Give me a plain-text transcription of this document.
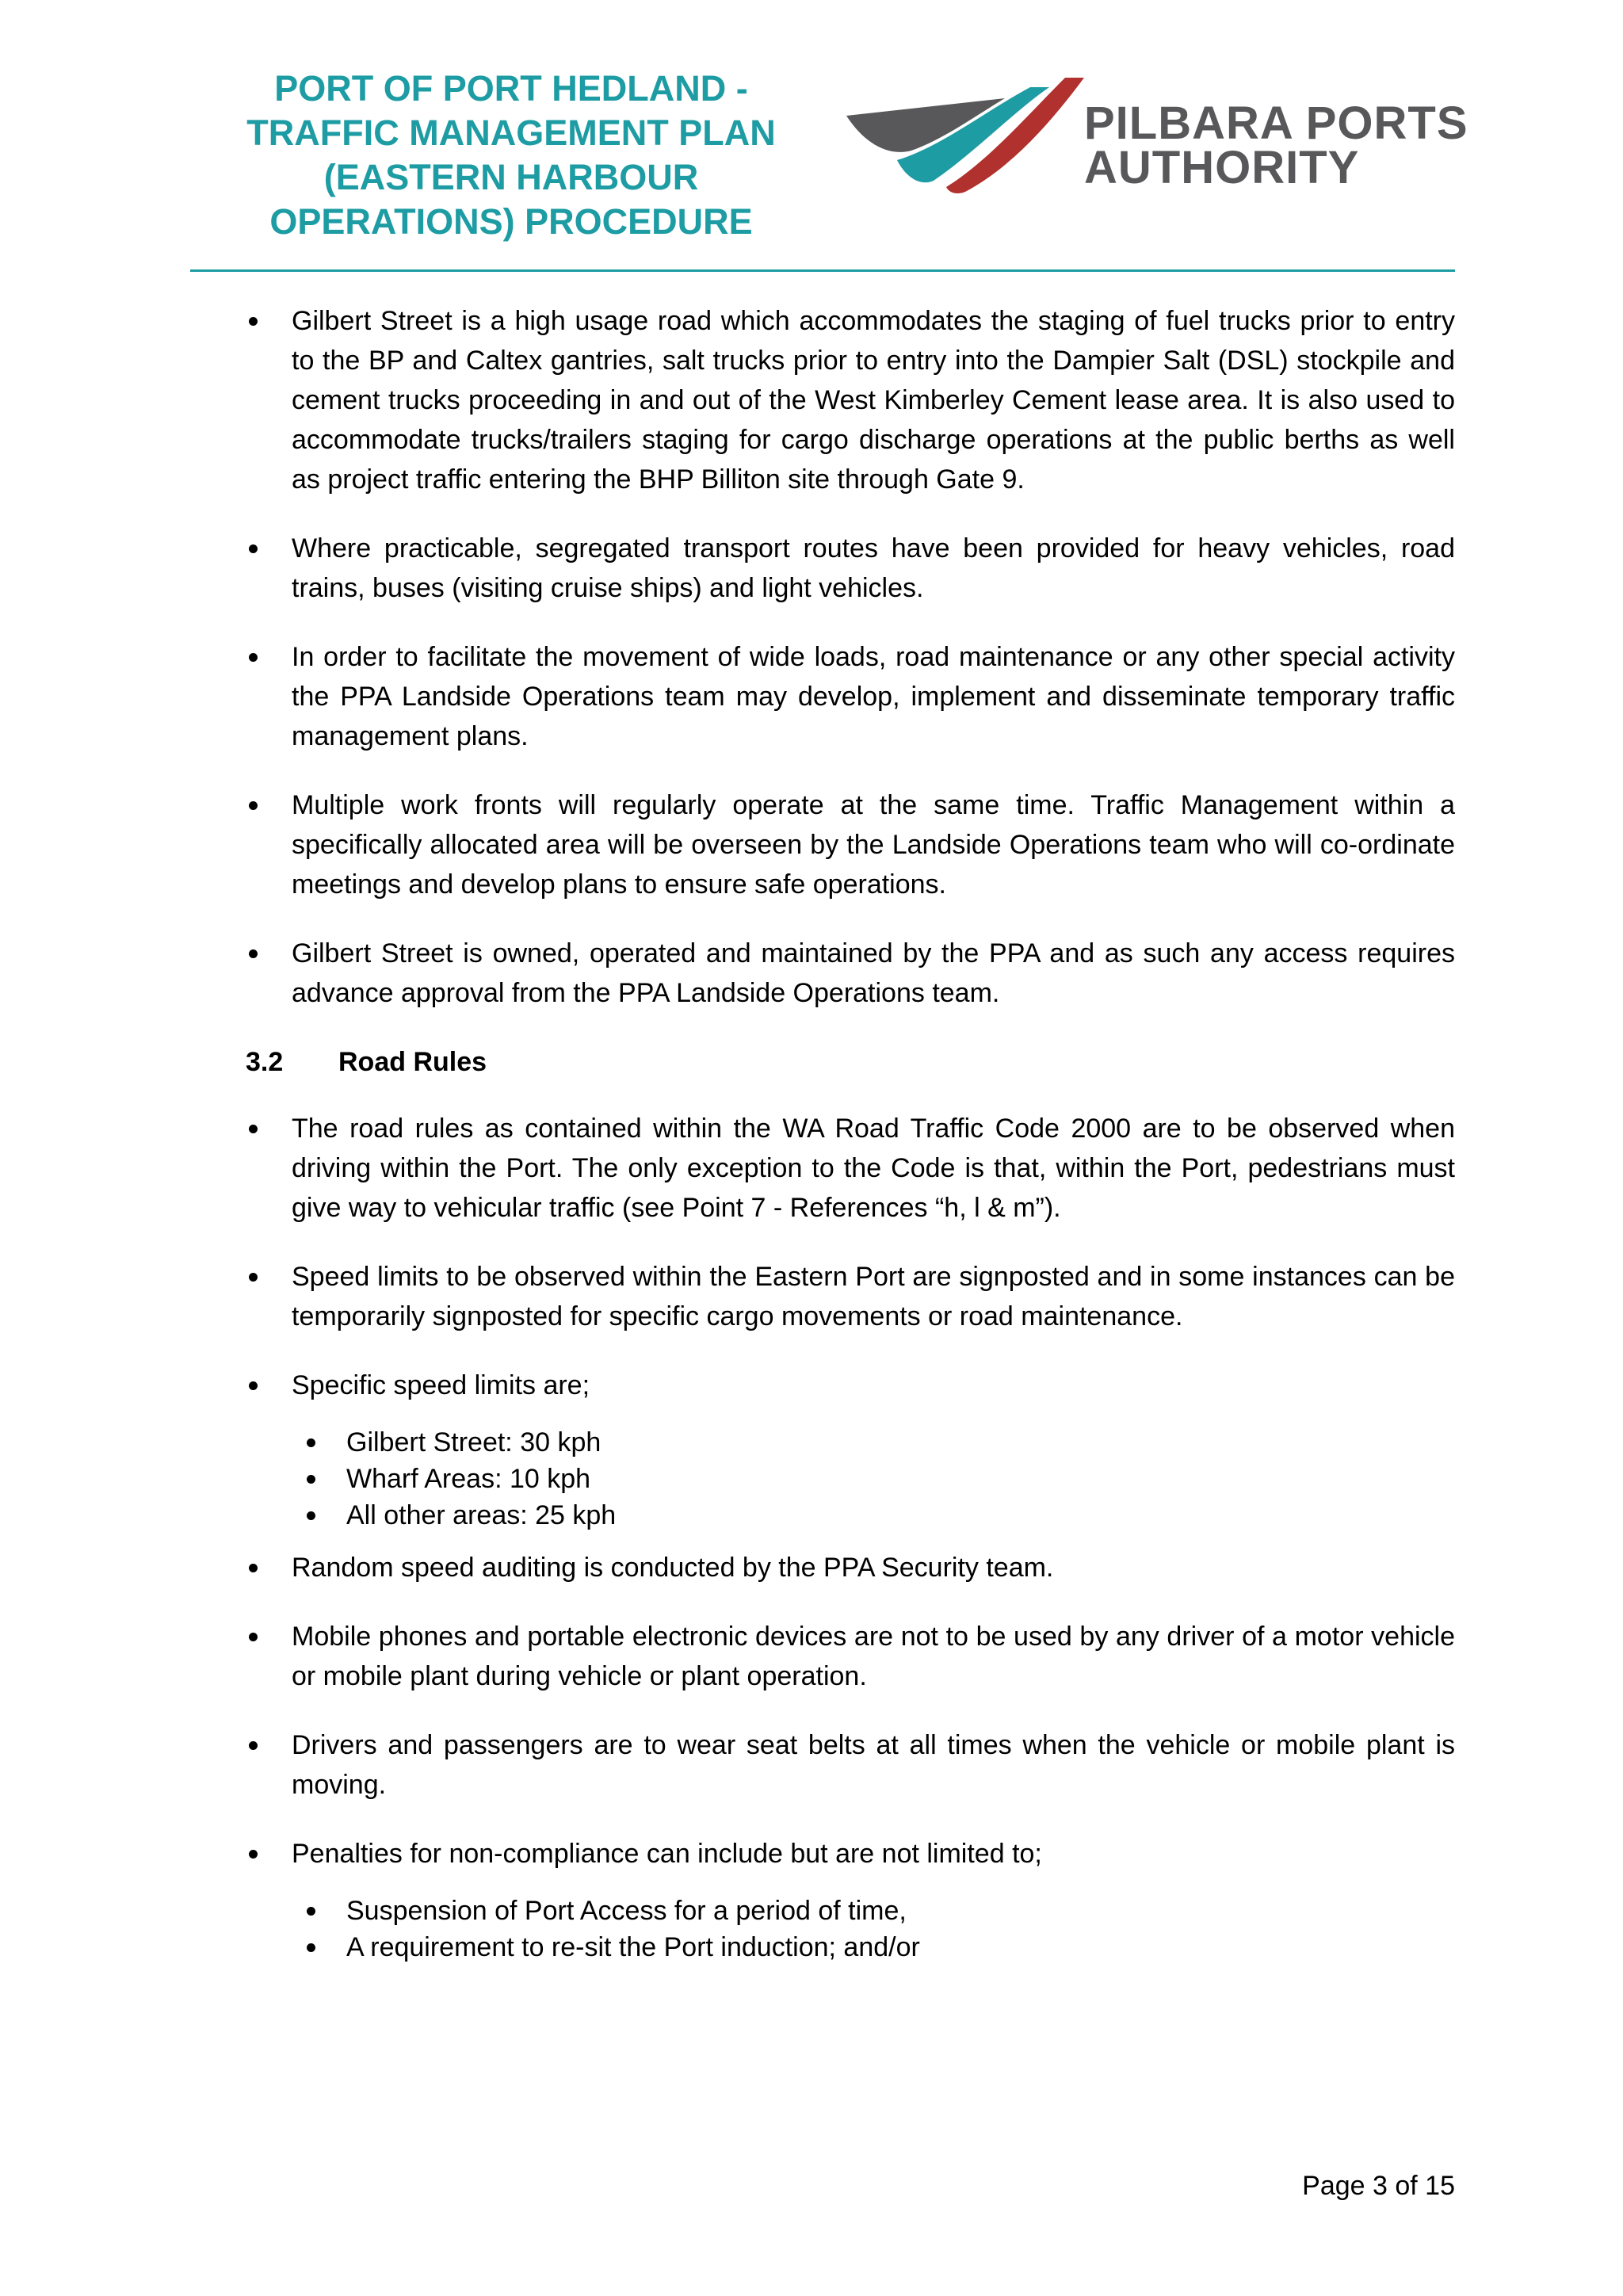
PORT OF PORT HEDLAND -
TRAFFIC MANAGEMENT PLAN
(EASTERN HARBOUR
OPERATIONS) PROCEDURE
PILBARA PORTS
AUTHORITY
Gilbert Street is a high usage road which accommodates the staging of fuel trucks prior to entry to the BP and Caltex gantries, salt trucks prior to entry into the Dampier Salt (DSL) stockpile and cement trucks proceeding in and out of the West Kimberley Cement lease area. It is also used to accommodate trucks/trailers staging for cargo discharge operations at the public berths as well as project traffic entering the BHP Billiton site through Gate 9.
Where practicable, segregated transport routes have been provided for heavy vehicles, road trains, buses (visiting cruise ships) and light vehicles.
In order to facilitate the movement of wide loads, road maintenance or any other special activity the PPA Landside Operations team may develop, implement and disseminate temporary traffic management plans.
Multiple work fronts will regularly operate at the same time. Traffic Management within a specifically allocated area will be overseen by the Landside Operations team who will co-ordinate meetings and develop plans to ensure safe operations.
Gilbert Street is owned, operated and maintained by the PPA and as such any access requires advance approval from the PPA Landside Operations team.
3.2	Road Rules
The road rules as contained within the WA Road Traffic Code 2000 are to be observed when driving within the Port. The only exception to the Code is that, within the Port, pedestrians must give way to vehicular traffic (see Point 7 - References “h, l & m”).
Speed limits to be observed within the Eastern Port are signposted and in some instances can be temporarily signposted for specific cargo movements or road maintenance.
Specific speed limits are;
Gilbert Street: 30 kph
Wharf Areas: 10 kph
All other areas: 25 kph
Random speed auditing is conducted by the PPA Security team.
Mobile phones and portable electronic devices are not to be used by any driver of a motor vehicle or mobile plant during vehicle or plant operation.
Drivers and passengers are to wear seat belts at all times when the vehicle or mobile plant is moving.
Penalties for non-compliance can include but are not limited to;
Suspension of Port Access for a period of time,
A requirement to re-sit the Port induction; and/or
Page 3 of 15
